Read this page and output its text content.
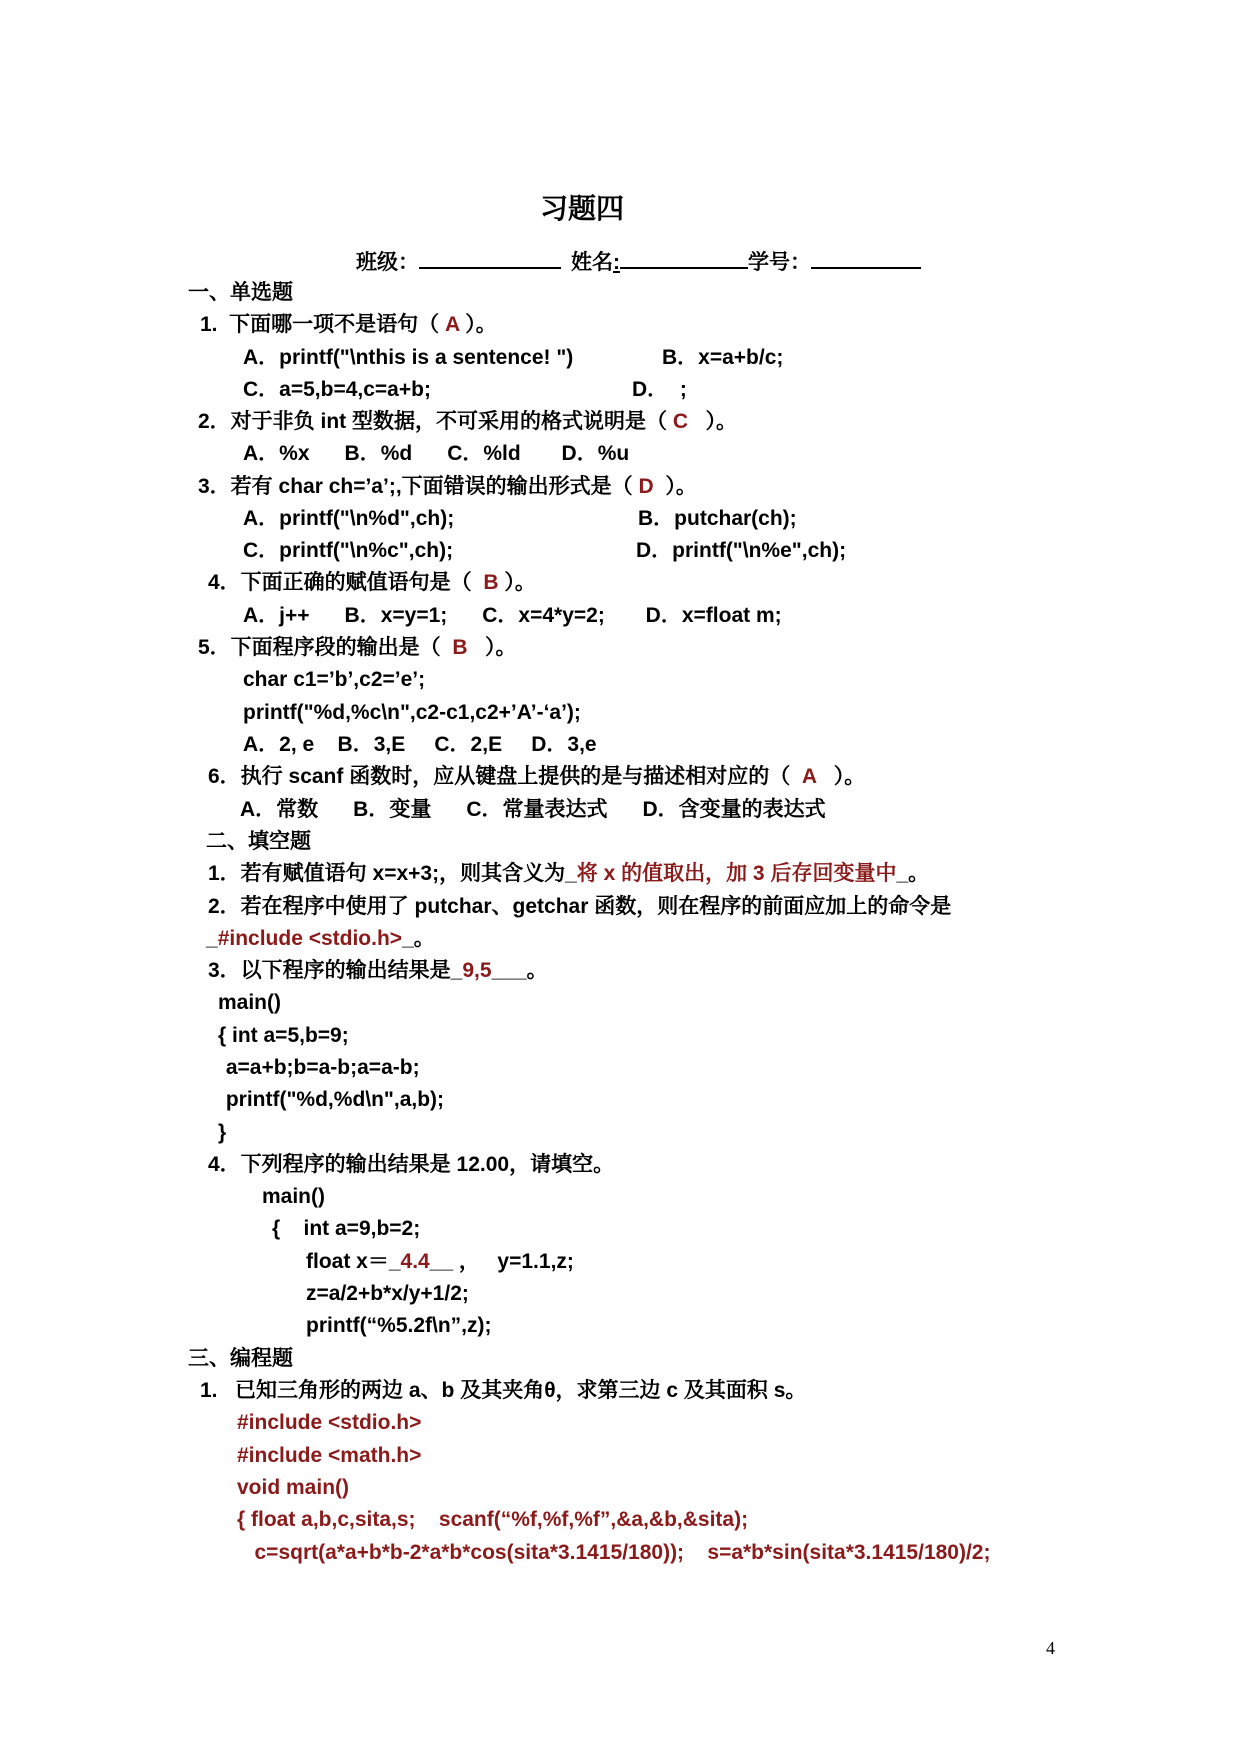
习题四
班级：	姓名:	学号：
一、单选题
1.  下面哪一项不是语句（ A ）。
A．printf("\nthis is a sentence! ")	B．x=a+b/c;
C．a=5,b=4,c=a+b;	D．  ;
2．对于非负 int 型数据，不可采用的格式说明是（ C   ）。
A．%x      B．%d      C．%ld       D．%u
3．若有 char ch=’a’;,下面错误的输出形式是（ D  ）。
A．printf("\n%d",ch);	B．putchar(ch);
C．printf("\n%c",ch);	D．printf("\n%e",ch);
4．下面正确的赋值语句是（  B ）。
A．j++      B．x=y=1;      C．x=4*y=2;       D．x=float m;
5．下面程序段的输出是（  B   ）。
char c1=’b’,c2=’e’;
printf("%d,%c\n",c2-c1,c2+’A’-‘a’);
A．2, e    B．3,E     C．2,E     D．3,e
6．执行 scanf 函数时，应从键盘上提供的是与描述相对应的（  A   ）。
A．常数      B．变量      C．常量表达式      D．含变量的表达式
二、填空题
1．若有赋值语句 x=x+3;，则其含义为_将 x 的值取出，加 3 后存回变量中_。
2．若在程序中使用了 putchar、getchar 函数，则在程序的前面应加上的命令是
_#include <stdio.h>_。
3．以下程序的输出结果是_9,5___。
main()
{ int a=5,b=9;
a=a+b;b=a-b;a=a-b;
printf("%d,%d\n",a,b);
}
4．下列程序的输出结果是 12.00，请填空。
main()
{    int a=9,b=2;
float x＝_4.4__ ，   y=1.1,z;
z=a/2+b*x/y+1/2;
printf(“%5.2f\n”,z);
三、编程题
1.   已知三角形的两边 a、b 及其夹角θ，求第三边 c 及其面积 s。
#include <stdio.h>
#include <math.h>
void main()
{ float a,b,c,sita,s;    scanf(“%f,%f,%f”,&a,&b,&sita);
c=sqrt(a*a+b*b-2*a*b*cos(sita*3.1415/180));    s=a*b*sin(sita*3.1415/180)/2;
4
